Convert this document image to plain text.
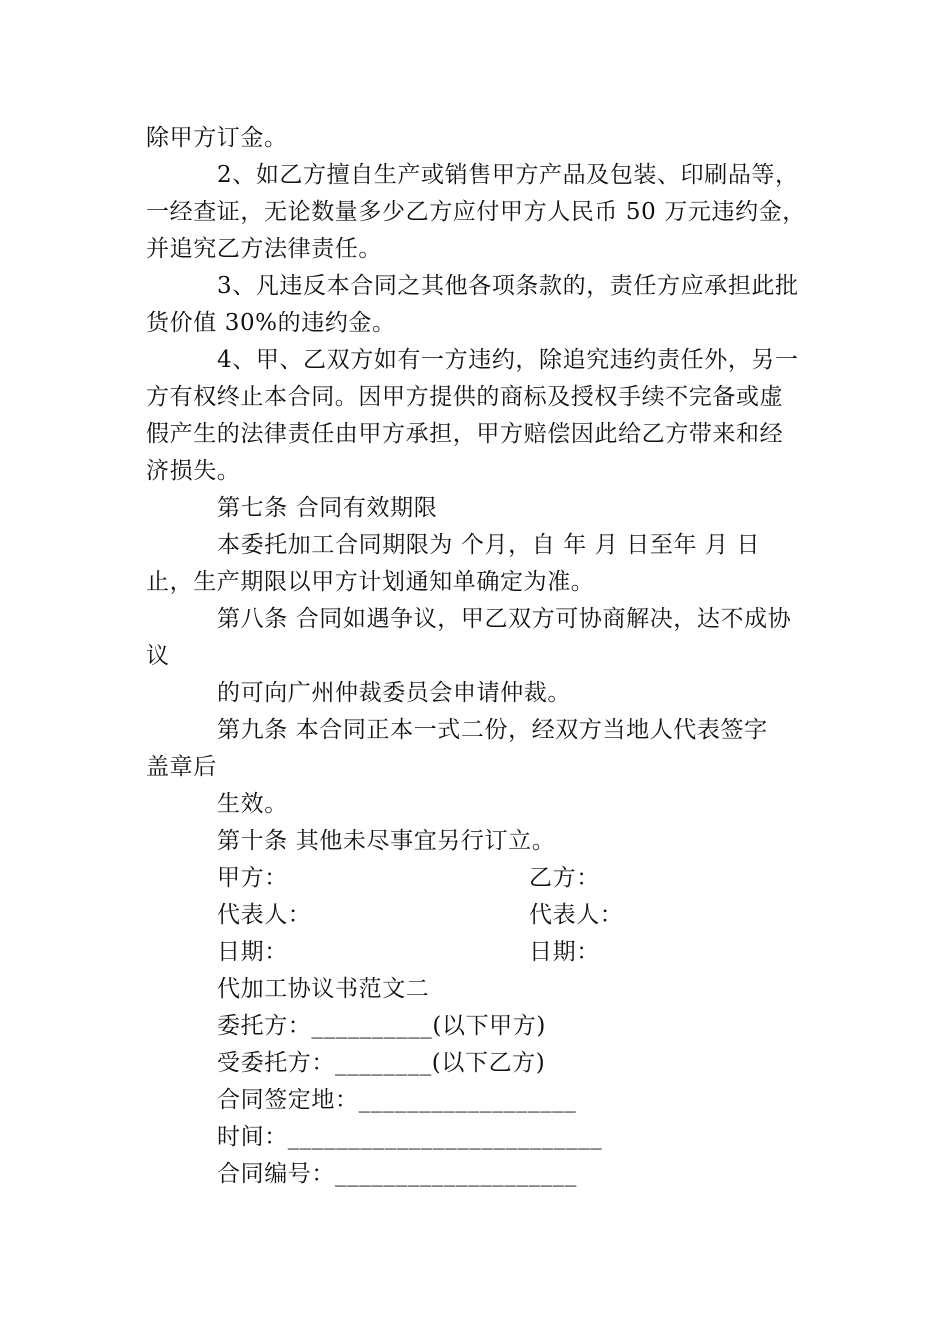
除甲方订金。
2、如乙方擅自生产或销售甲方产品及包装、印刷品等，
一经查证，无论数量多少乙方应付甲方人民币 50 万元违约金，
并追究乙方法律责任。
3、凡违反本合同之其他各项条款的，责任方应承担此批
货价值 30%的违约金。
4、甲、乙双方如有一方违约，除追究违约责任外，另一
方有权终止本合同。因甲方提供的商标及授权手续不完备或虚
假产生的法律责任由甲方承担，甲方赔偿因此给乙方带来和经
济损失。
第七条 合同有效期限
本委托加工合同期限为 个月，自 年 月 日至年 月 日
止，生产期限以甲方计划通知单确定为准。
第八条 合同如遇争议，甲乙双方可协商解决，达不成协
议
的可向广州仲裁委员会申请仲裁。
第九条 本合同正本一式二份，经双方当地人代表签字
盖章后
生效。
第十条 其他未尽事宜另行订立。
甲方：	乙方：
代表人：	代表人：
日期：	日期：
代加工协议书范文二
委托方：__________(以下甲方)
受委托方：________(以下乙方)
合同签定地：__________________
时间：__________________________
合同编号：____________________
